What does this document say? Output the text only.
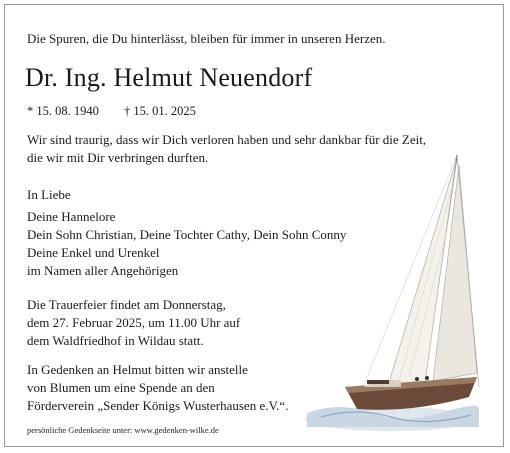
Die Spuren, die Du hinterlässt, bleiben für immer in unseren Herzen.
Dr. Ing. Helmut Neuendorf
* 15. 08. 1940 † 15. 01. 2025
Wir sind traurig, dass wir Dich verloren haben und sehr dankbar für die Zeit,
die wir mit Dir verbringen durften.
In Liebe
Deine Hannelore
Dein Sohn Christian, Deine Tochter Cathy, Dein Sohn Conny
Deine Enkel und Urenkel
im Namen aller Angehörigen
Die Trauerfeier findet am Donnerstag,
dem 27. Februar 2025, um 11.00 Uhr auf
dem Waldfriedhof in Wildau statt.
In Gedenken an Helmut bitten wir anstelle
von Blumen um eine Spende an den
Förderverein „Sender Königs Wusterhausen e.V.“.
persönliche Gedenkseite unter: www.gedenken-wilke.de
